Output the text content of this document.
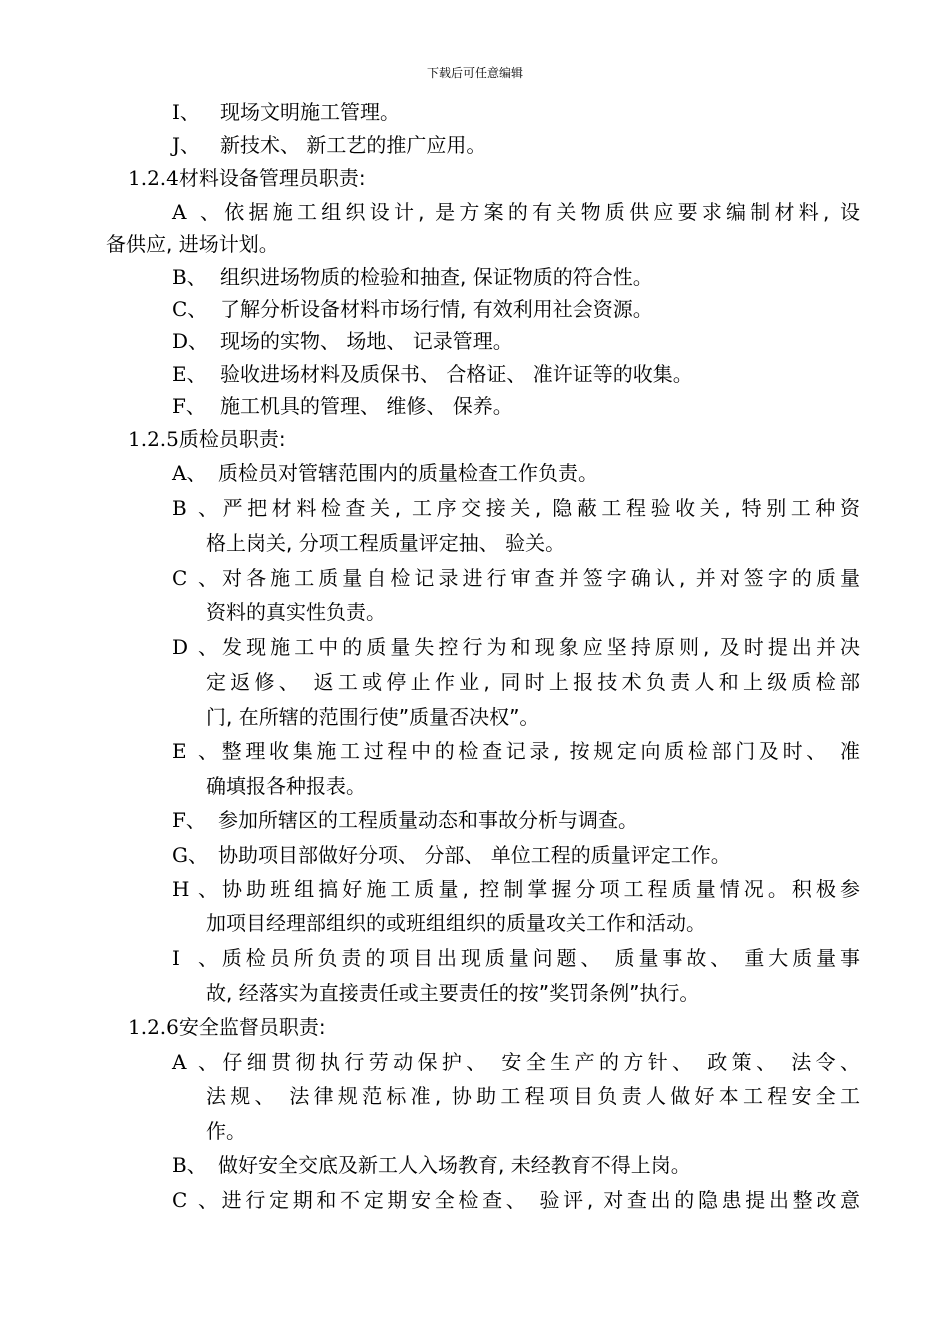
下载后可任意编辑
I、 现场文明施工管理。
J、 新技术、 新工艺的推广应用。
1.2.4材料设备管理员职责:
A、依据施工组织设计, 是方案的有关物质供应要求编制材料, 设
备供应, 进场计划。
B、 组织进场物质的检验和抽查, 保证物质的符合性。
C、 了解分析设备材料市场行情, 有效利用社会资源。
D、 现场的实物、 场地、 记录管理。
E、 验收进场材料及质保书、 合格证、 准许证等的收集。
F、 施工机具的管理、 维修、 保养。
1.2.5质检员职责:
A、 质检员对管辖范围内的质量检查工作负责。
B、严把材料检查关, 工序交接关, 隐蔽工程验收关, 特别工种资
格上岗关, 分项工程质量评定抽、 验关。
C、对各施工质量自检记录进行审查并签字确认, 并对签字的质量
资料的真实性负责。
D、发现施工中的质量失控行为和现象应坚持原则, 及时提出并决
定返修、 返工或停止作业, 同时上报技术负责人和上级质检部
门, 在所辖的范围行使”质量否决权”。
E、整理收集施工过程中的检查记录, 按规定向质检部门及时、 准
确填报各种报表。
F、 参加所辖区的工程质量动态和事故分析与调查。
G、 协助项目部做好分项、 分部、 单位工程的质量评定工作。
H、协助班组搞好施工质量, 控制掌握分项工程质量情况。积极参
加项目经理部组织的或班组组织的质量攻关工作和活动。
I、质检员所负责的项目出现质量问题、 质量事故、 重大质量事
故, 经落实为直接责任或主要责任的按”奖罚条例”执行。
1.2.6安全监督员职责:
A、仔细贯彻执行劳动保护、 安全生产的方针、 政策、 法令、
法规、 法律规范标准, 协助工程项目负责人做好本工程安全工
作。
B、 做好安全交底及新工人入场教育, 未经教育不得上岗。
C、进行定期和不定期安全检查、 验评, 对查出的隐患提出整改意
